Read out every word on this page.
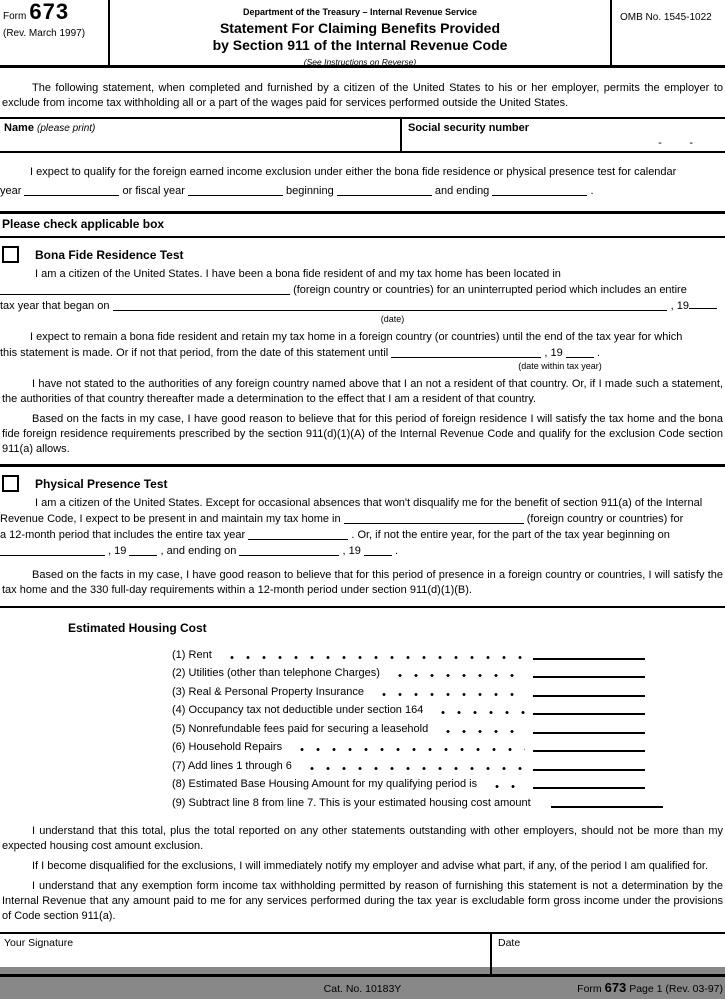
Form 673
(Rev. March 1997)
Department of the Treasury – Internal Revenue Service
Statement For Claiming Benefits Provided
by Section 911 of the Internal Revenue Code
(See Instructions on Reverse)
OMB No. 1545-1022

The following statement, when completed and furnished by a citizen of the United States to his or her employer, permits the employer to exclude from income tax withholding all or a part of the wages paid for services performed outside the United States.

Name (please print)	Social security number
-         -
I expect to qualify for the foreign earned income exclusion under either the bona fide residence or physical presence test for calendar
year	or fiscal year	beginning	and ending	.
Please check applicable box
Bona Fide Residence Test
I am a citizen of the United States. I have been a bona fide resident of and my tax home has been located in
(foreign country or countries) for an uninterrupted period which includes an entire
tax year that began on	, 19
(date)
I expect to remain a bona fide resident and retain my tax home in a foreign country (or countries) until the end of the tax year for which
this statement is made. Or if not that period, from the date of this statement until	, 19	.
(date within tax year)

I have not stated to the authorities of any foreign country named above that I an not a resident of that country. Or, if I made such a statement, the authorities of that country thereafter made a determination to the effect that I am a resident of that country.

Based on the facts in my case, I have good reason to believe that for this period of foreign residence I will satisfy the tax home and the bona fide foreign residence requirements prescribed by the section 911(d)(1)(A) of the Internal Revenue Code and qualify for the exclusion Code section 911(a) allows.

Physical Presence Test
I am a citizen of the United States. Except for occasional absences that won't disqualify me for the benefit of section 911(a) of the Internal
Revenue Code, I expect to be present in and maintain my tax home in	(foreign country or countries) for
a 12-month period that includes the entire tax year	. Or, if not the entire year, for the part of the tax year beginning on
, 19	, and ending on	, 19	.

Based on the facts in my case, I have good reason to believe that for this period of presence in a foreign country or countries, I will satisfy the tax home and the 330 full-day requirements within a 12-month period under section 911(d)(1)(B).

Estimated Housing Cost
(1) Rent
(2) Utilities (other than telephone Charges)
(3) Real & Personal Property Insurance
(4) Occupancy tax not deductible under section 164
(5) Nonrefundable fees paid for securing a leasehold
(6) Household Repairs
(7) Add lines 1 through 6
(8) Estimated Base Housing Amount for my qualifying period is
(9) Subtract line 8 from line 7. This is your estimated housing cost amount

I understand that this total, plus the total reported on any other statements outstanding with other employers, should not be more than my expected housing cost amount exclusion.

If I become disqualified for the exclusions, I will immediately notify my employer and advise what part, if any, of the period I am qualified for.

I understand that any exemption form income tax withholding permitted by reason of furnishing this statement is not a determination by the Internal Revenue that any amount paid to me for any services performed during the tax year is excludable form gross income under the provisions of Code section 911(a).

Your Signature	Date
Cat. No. 10183Y	Form 673 Page 1 (Rev. 03-97)
